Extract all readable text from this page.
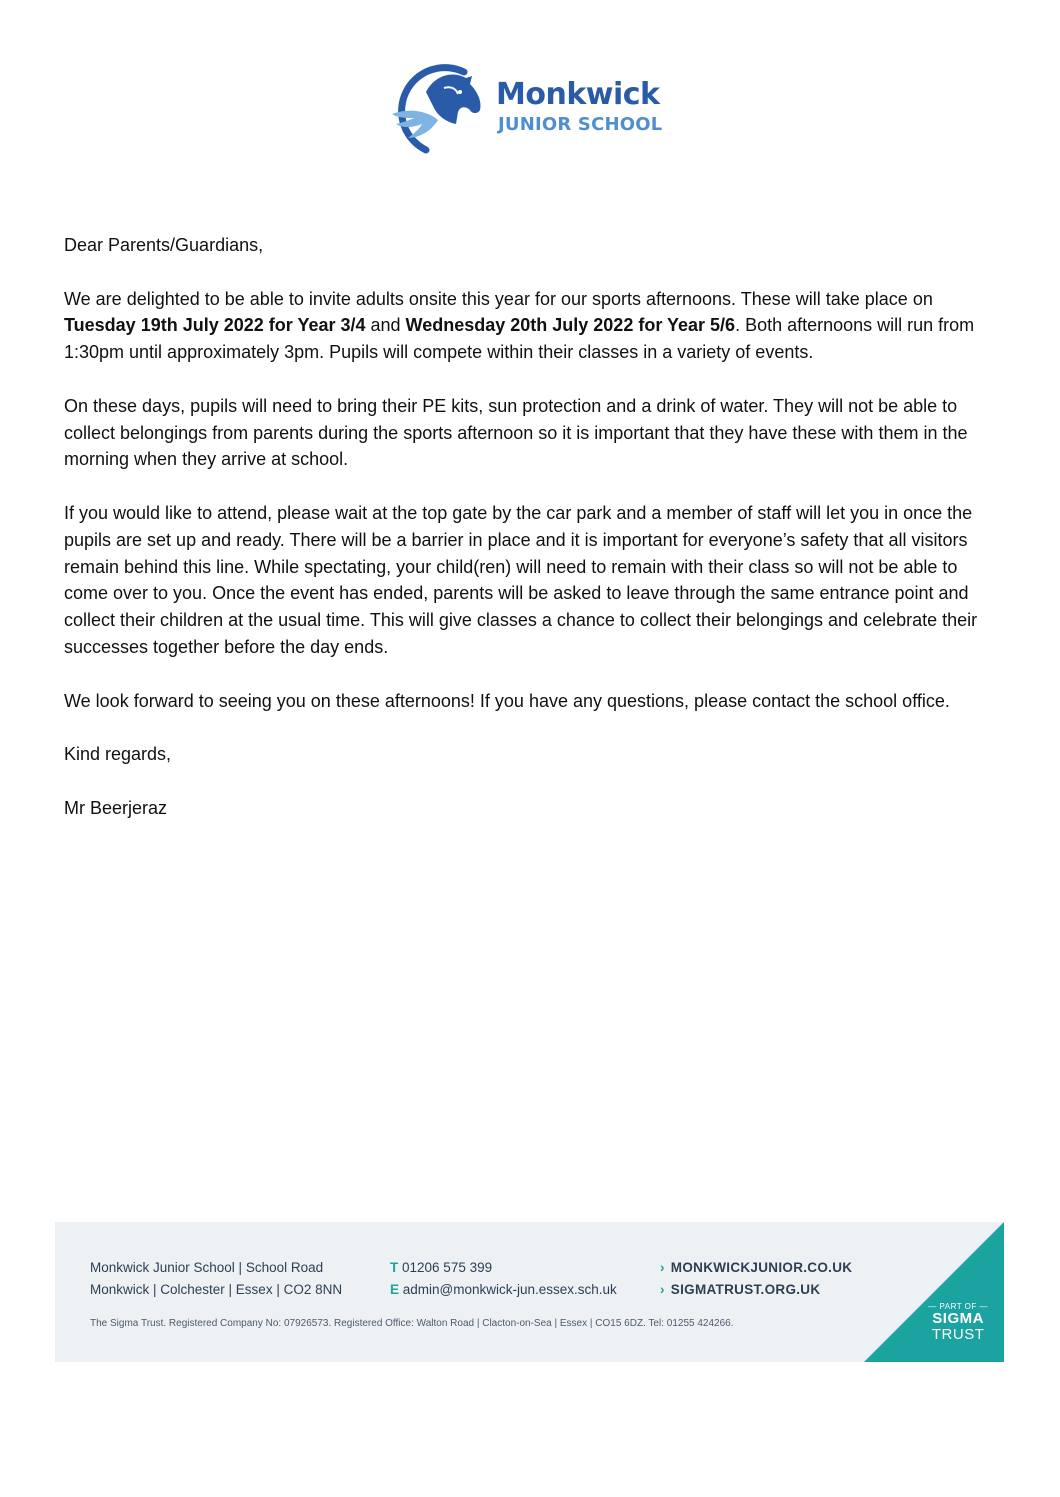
Monkwick
JUNIOR SCHOOL

Dear Parents/Guardians,

We are delighted to be able to invite adults onsite this year for our sports afternoons. These will take place on Tuesday 19th July 2022 for Year 3/4 and Wednesday 20th July 2022 for Year 5/6. Both afternoons will run from 1:30pm until approximately 3pm. Pupils will compete within their classes in a variety of events.

On these days, pupils will need to bring their PE kits, sun protection and a drink of water. They will not be able to collect belongings from parents during the sports afternoon so it is important that they have these with them in the morning when they arrive at school.

If you would like to attend, please wait at the top gate by the car park and a member of staff will let you in once the pupils are set up and ready. There will be a barrier in place and it is important for everyone’s safety that all visitors remain behind this line. While spectating, your child(ren) will need to remain with their class so will not be able to come over to you. Once the event has ended, parents will be asked to leave through the same entrance point and collect their children at the usual time. This will give classes a chance to collect their belongings and celebrate their successes together before the day ends.

We look forward to seeing you on these afternoons! If you have any questions, please contact the school office.

Kind regards,

Mr Beerjeraz

Monkwick Junior School | School Road
Monkwick | Colchester | Essex | CO2 8NN
T 01206 575 399
E admin@monkwick-jun.essex.sch.uk
› MONKWICKJUNIOR.CO.UK
› SIGMATRUST.ORG.UK
The Sigma Trust. Registered Company No: 07926573. Registered Office: Walton Road | Clacton-on-Sea | Essex | CO15 6DZ. Tel: 01255 424266.
— PART OF —
SIGMA
TRUST
